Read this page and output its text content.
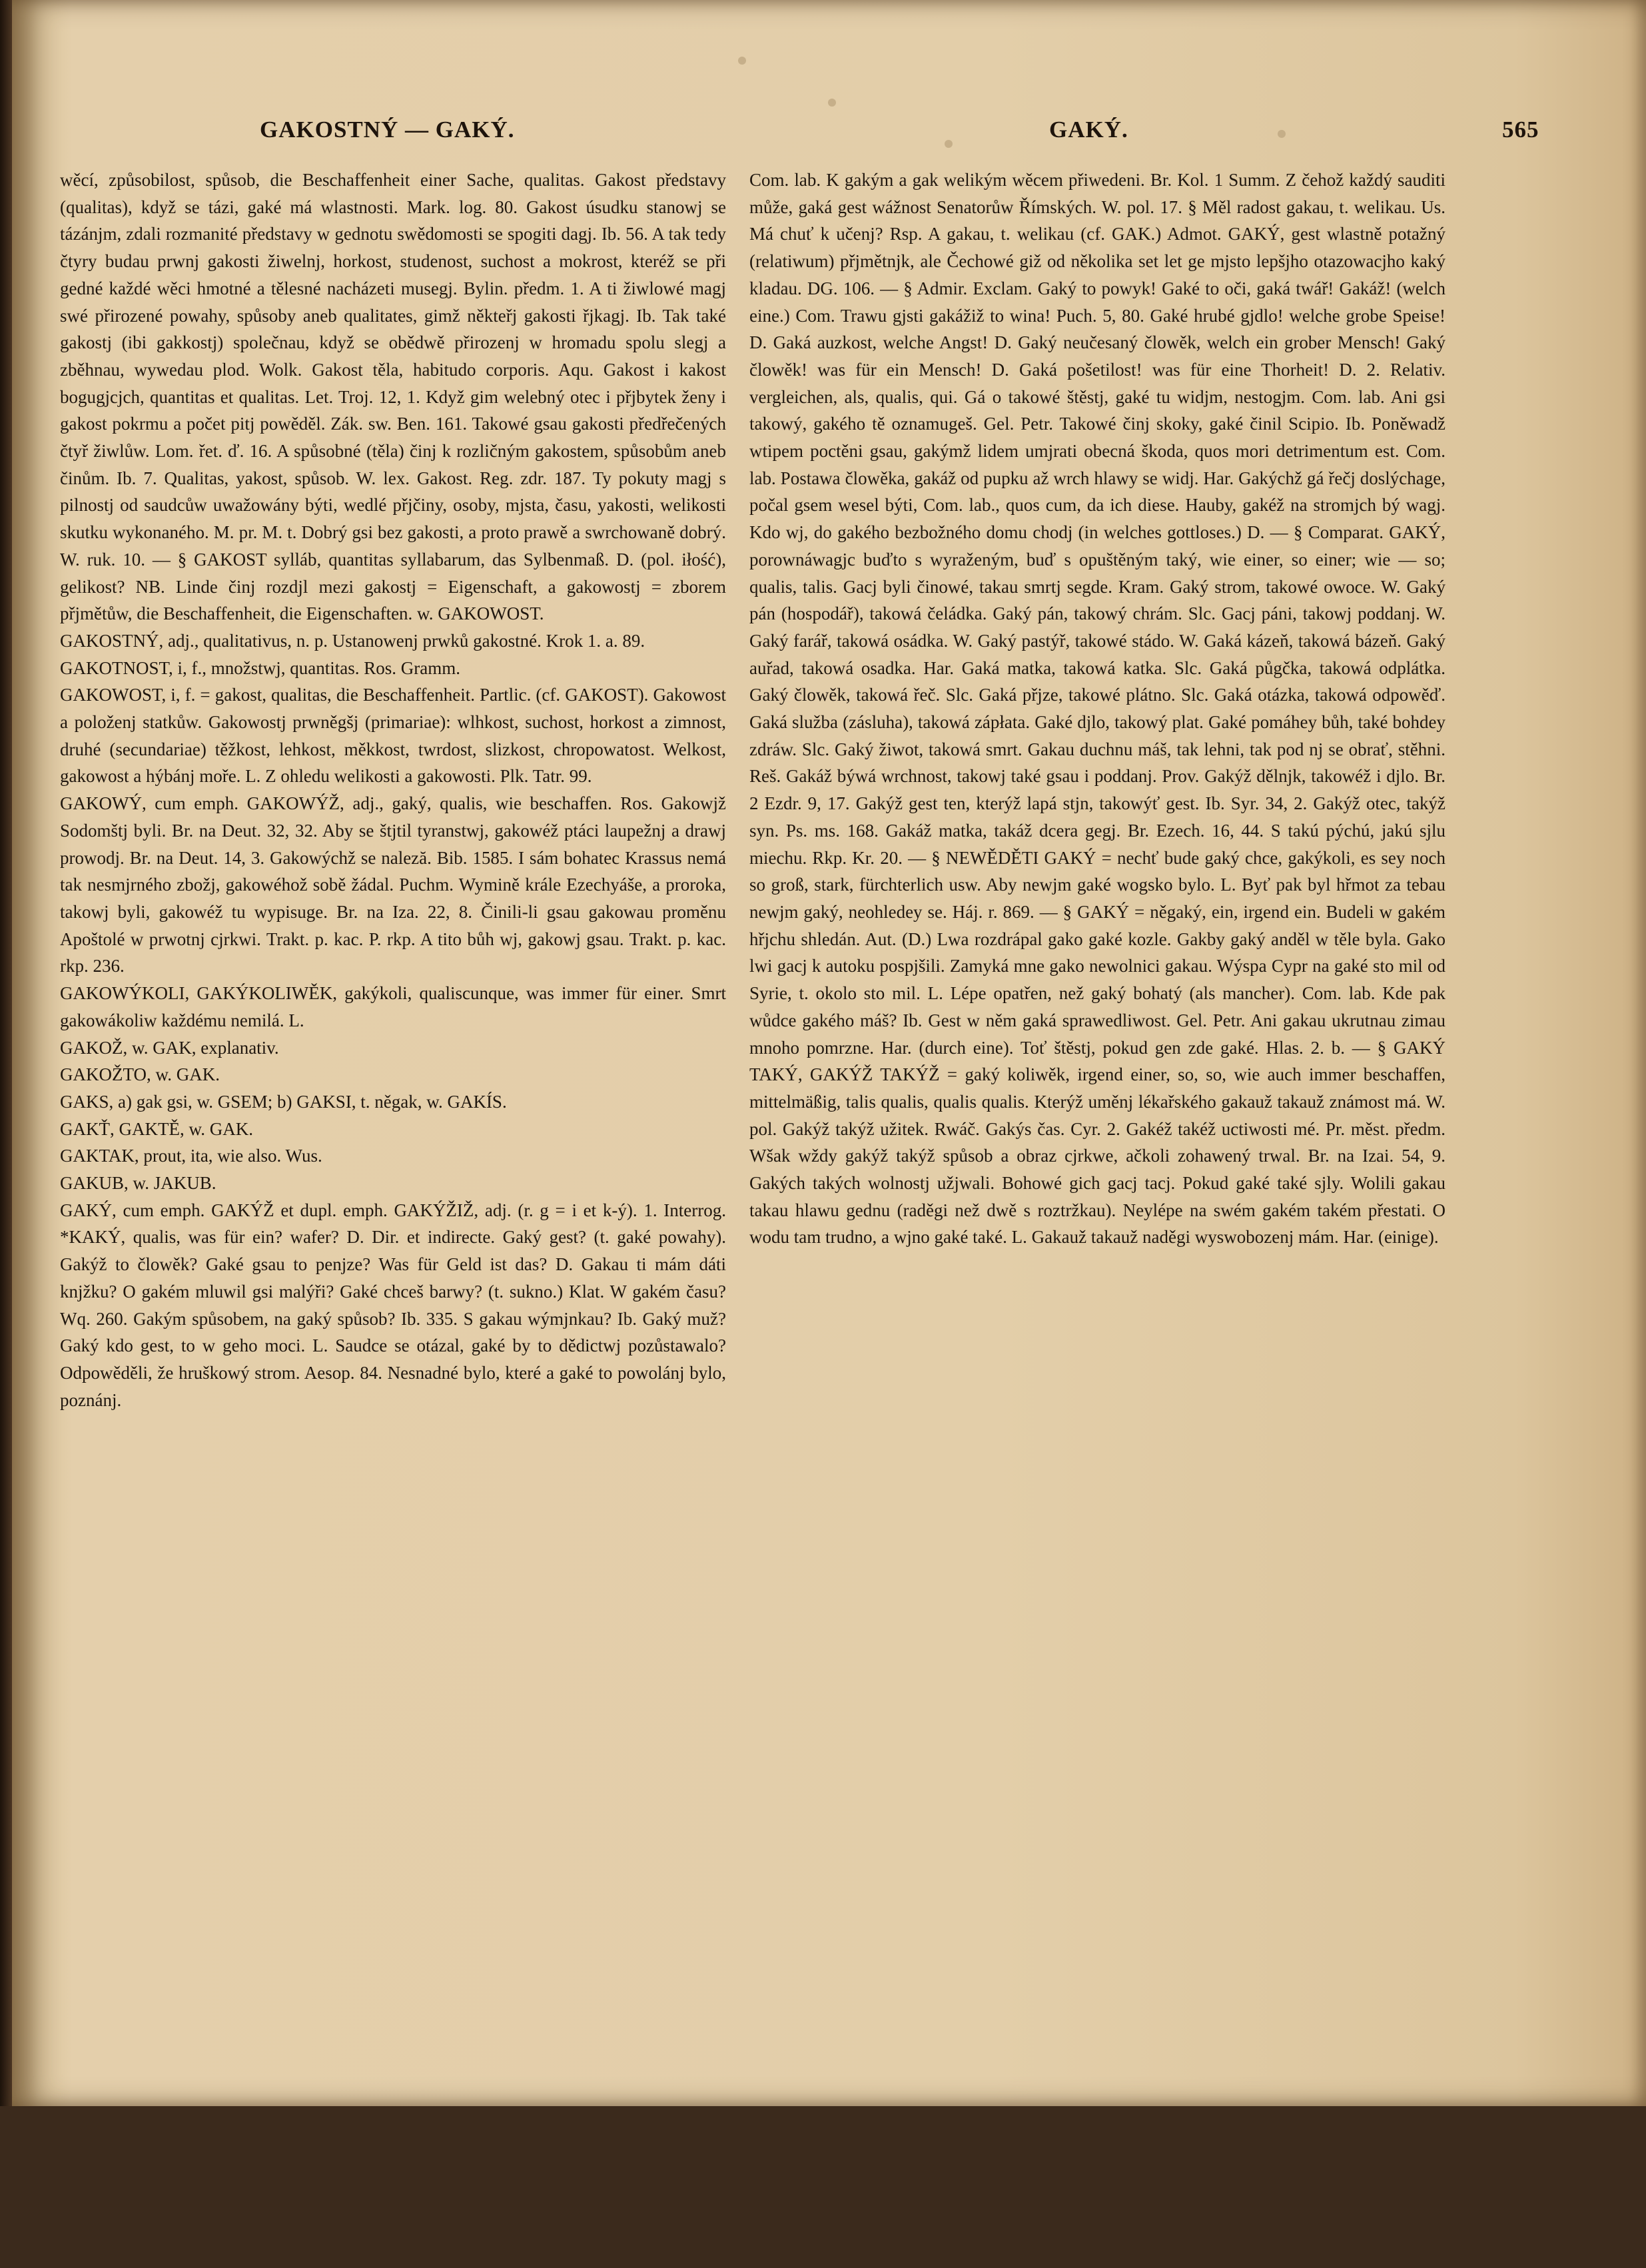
GAKOSTNÝ — GAKÝ.	GAKÝ.	565

wěcí, způsobilost, spůsob, die Beschaffenheit einer Sache, qualitas. Gakost představy (qualitas), když se tázi, gaké má wlastnosti. Mark. log. 80. Gakost úsudku stanowj se tázánjm, zdali rozmanité představy w gednotu swědomosti se spogiti dagj. Ib. 56. A tak tedy čtyry budau prwnj gakosti žiwelnj, horkost, studenost, suchost a mokrost, kteréž se při gedné každé wěci hmotné a tělesné nacházeti musegj. Bylin. předm. 1. A ti žiwlowé magj swé přirozené powahy, spůsoby aneb qualitates, gimž někteřj gakosti řjkagj. Ib. Tak také gakostj (ibi gakkostj) společnau, když se obědwě přirozenj w hromadu spolu slegj a zběhnau, wywedau plod. Wolk. Gakost těla, habitudo corporis. Aqu. Gakost i kakost bogugjcjch, quantitas et qualitas. Let. Troj. 12, 1. Když gim welebný otec i přjbytek ženy i gakost pokrmu a počet pitj powěděl. Zák. sw. Ben. 161. Takowé gsau gakosti předřečených čtyř žiwlůw. Lom. řet. ď. 16. A spůsobné (těla) činj k rozličným gakostem, spůsobům aneb činům. Ib. 7. Qualitas, yakost, spůsob. W. lex. Gakost. Reg. zdr. 187. Ty pokuty magj s pilnostj od saudcůw uwažowány býti, wedlé přjčiny, osoby, mjsta, času, yakosti, welikosti skutku wykonaného. M. pr. M. t. Dobrý gsi bez gakosti, a proto prawě a swrchowaně dobrý. W. ruk. 10. — § GAKOST sylláb, quantitas syllabarum, das Sylbenmaß. D. (pol. iłość), gelikost? NB. Linde činj rozdjl mezi gakostj = Eigenschaft, a gakowostj = zborem přjmětůw, die Beschaffenheit, die Eigenschaften. w. GAKOWOST.

GAKOSTNÝ, adj., qualitativus, n. p. Ustanowenj prwků gakostné. Krok 1. a. 89.

GAKOTNOST, i, f., množstwj, quantitas. Ros. Gramm.

GAKOWOST, i, f. = gakost, qualitas, die Beschaffenheit. Partlic. (cf. GAKOST). Gakowost a položenj statkůw. Gakowostj prwněgšj (primariae): wlhkost, suchost, horkost a zimnost, druhé (secundariae) těžkost, lehkost, měkkost, twrdost, slizkost, chropowatost. Welkost, gakowost a hýbánj moře. L. Z ohledu welikosti a gakowosti. Plk. Tatr. 99.

GAKOWÝ, cum emph. GAKOWÝŽ, adj., gaký, qualis, wie beschaffen. Ros. Gakowjž Sodomštj byli. Br. na Deut. 32, 32. Aby se štjtil tyranstwj, gakowéž ptáci laupežnj a drawj prowodj. Br. na Deut. 14, 3. Gakowýchž se naleză. Bib. 1585. I sám bohatec Krassus nemá tak nesmjrného zbožj, gakowéhož sobě žádal. Puchm. Wymině krále Ezechyáše, a proroka, takowj byli, gakowéž tu wypisuge. Br. na Iza. 22, 8. Činili-li gsau gakowau proměnu Apoštolé w prwotnj cjrkwi. Trakt. p. kac. P. rkp. A tito bůh wj, gakowj gsau. Trakt. p. kac. rkp. 236.

GAKOWÝKOLI, GAKÝKOLIWĚK, gakýkoli, qualiscunque, was immer für einer. Smrt gakowákoliw každému nemilá. L.

GAKOŽ, w. GAK, explanativ.

GAKOŽTO, w. GAK.

GAKS, a) gak gsi, w. GSEM; b) GAKSI, t. něgak, w. GAKÍS.

GAKŤ, GAKTĚ, w. GAK.

GAKTAK, prout, ita, wie also. Wus.

GAKUB, w. JAKUB.

GAKÝ, cum emph. GAKÝŽ et dupl. emph. GAKÝŽIŽ, adj. (r. g = i et k-ý). 1. Interrog. *KAKÝ, qualis, was für ein? wafer? D. Dir. et indirecte. Gaký gest? (t. gaké powahy). Gakýž to člowěk? Gaké gsau to penjze? Was für Geld ist das? D. Gakau ti mám dáti knjžku? O gakém mluwil gsi malýři? Gaké chceš barwy? (t. sukno.) Klat. W gakém času? Wq. 260. Gakým spůsobem, na gaký spůsob? Ib. 335. S gakau wýmjnkau? Ib. Gaký muž? Gaký kdo gest, to w geho moci. L. Saudce se otázal, gaké by to dědictwj pozůstawalo? Odpowěděli, že hruškowý strom. Aesop. 84. Nesnadné bylo, které a gaké to powolánj bylo, poznánj.

Com. lab. K gakým a gak welikým wěcem přiwedeni. Br. Kol. 1 Summ. Z čehož každý sauditi může, gaká gest wážnost Senatorůw Římských. W. pol. 17. § Měl radost gakau, t. welikau. Us. Má chuť k učenj? Rsp. A gakau, t. welikau (cf. GAK.) Admot. GAKÝ, gest wlastně potažný (relatiwum) přjmětnjk, ale Čechowé giž od několika set let ge mjsto lepšjho otazowacjho kaký kladau. DG. 106. — § Admir. Exclam. Gaký to powyk! Gaké to oči, gaká twář! Gakáž! (welch eine.) Com. Trawu gjsti gakážiž to wina! Puch. 5, 80. Gaké hrubé gjdlo! welche grobe Speise! D. Gaká auzkost, welche Angst! D. Gaký neučesaný člowěk, welch ein grober Mensch! Gaký člowěk! was für ein Mensch! D. Gaká pošetilost! was für eine Thorheit! D. 2. Relativ. vergleichen, als, qualis, qui. Gá o takowé štěstj, gaké tu widjm, nestogjm. Com. lab. Ani gsi takowý, gakého tě oznamugeš. Gel. Petr. Takowé činj skoky, gaké činil Scipio. Ib. Poněwadž wtipem poctěni gsau, gakýmž lidem umjrati obecná škoda, quos mori detrimentum est. Com. lab. Postawa člowěka, gakáž od pupku až wrch hlawy se widj. Har. Gakýchž gá řečj doslýchage, počal gsem wesel býti, Com. lab., quos cum, da ich diese. Hauby, gakéž na stromjch bý wagj. Kdo wj, do gakého bezbožného domu chodj (in welches gottloses.) D. — § Comparat. GAKÝ, porownáwagjc buďto s wyraženým, buď s opuštěným taký, wie einer, so einer; wie — so; qualis, talis. Gacj byli činowé, takau smrtj segde. Kram. Gaký strom, takowé owoce. W. Gaký pán (hospodář), takowá čeládka. Gaký pán, takowý chrám. Slc. Gacj páni, takowj poddanj. W. Gaký farář, takowá osádka. W. Gaký pastýř, takowé stádo. W. Gaká kázeň, takowá bázeň. Gaký auřad, takowá osadka. Har. Gaká matka, takowá katka. Slc. Gaká půgčka, takowá odplátka. Gaký člowěk, takowá řeč. Slc. Gaká přjze, takowé plátno. Slc. Gaká otázka, takowá odpowěď. Gaká služba (zásluha), takowá zápłata. Gaké djlo, takowý plat. Gaké pomáhey bůh, také bohdey zdráw. Slc. Gaký žiwot, takowá smrt. Gakau duchnu máš, tak lehni, tak pod nj se obrať, stěhni. Reš. Gakáž býwá wrchnost, takowj také gsau i poddanj. Prov. Gakýž dělnjk, takowéž i djlo. Br. 2 Ezdr. 9, 17. Gakýž gest ten, kterýž lapá stjn, takowýť gest. Ib. Syr. 34, 2. Gakýž otec, takýž syn. Ps. ms. 168. Gakáž matka, takáž dcera gegj. Br. Ezech. 16, 44. S takú pýchú, jakú sjlu miechu. Rkp. Kr. 20. — § NEWĚDĚTI GAKÝ = nechť bude gaký chce, gakýkoli, es sey noch so groß, stark, fürchterlich usw. Aby newjm gaké wogsko bylo. L. Byť pak byl hřmot za tebau newjm gaký, neohledey se. Háj. r. 869. — § GAKÝ = něgaký, ein, irgend ein. Budeli w gakém hřjchu shledán. Aut. (D.) Lwa rozdrápal gako gaké kozle. Gakby gaký anděl w těle byla. Gako lwi gacj k autoku pospjšili. Zamyká mne gako newolnici gakau. Wýspa Cypr na gaké sto mil od Syrie, t. okolo sto mil. L. Lépe opatřen, než gaký bohatý (als mancher). Com. lab. Kde pak wůdce gakého máš? Ib. Gest w něm gaká sprawedliwost. Gel. Petr. Ani gakau ukrutnau zimau mnoho pomrzne. Har. (durch eine). Toť štěstj, pokud gen zde gaké. Hlas. 2. b. — § GAKÝ TAKÝ, GAKÝŽ TAKÝŽ = gaký koliwěk, irgend einer, so, so, wie auch immer beschaffen, mittelmäßig, talis qualis, qualis qualis. Kterýž uměnj lékařského gakauž takauž známost má. W. pol. Gakýž takýž užitek. Rwáč. Gakýs čas. Cyr. 2. Gakéž takéž uctiwosti mé. Pr. měst. předm. Wšak wždy gakýž takýž spůsob a obraz cjrkwe, ačkoli zohawený trwal. Br. na Izai. 54, 9. Gakých takých wolnostj užjwali. Bohowé gich gacj tacj. Pokud gaké také sjly. Wolili gakau takau hlawu gednu (raděgi než dwě s roztržkau). Neylépe na swém gakém takém přestati. O wodu tam trudno, a wjno gaké také. L. Gakauž takauž naděgi wyswobozenj mám. Har. (einige).
